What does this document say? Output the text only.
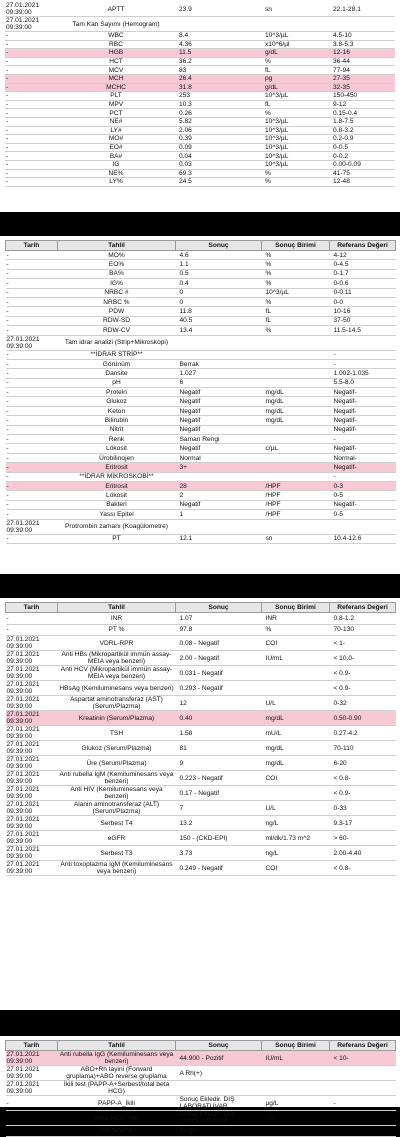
27.01.2021 09:39:00	APTT	23.9	sn	22.1-28.1
27.01.2021 09:39:00	Tam Kan Sayımı (Hemogram)			
-	WBC	8.4	10^3/µL	4.5-10
-	RBC	4.36	x10^6/µl	3.8-5.3
-	HGB	11.5	g/dL	12-16
-	HCT	36.2	%	36-44
-	MCV	83	fL	77-94
-	MCH	26.4	pg	27-35
-	MCHC	31.8	g/dL	32-35
-	PLT	253	10^3/µL	150-450
-	MPV	10.3	fL	9-12
-	PCT	0.26	%	0.15-0.4
-	NE#	5.82	10^3/µL	1.8-7.5
-	LY#	2.06	10^3/µL	0.8-3.2
-	MO#	0.39	10^3/µL	0.2-0.9
-	EO#	0.09	10^3/µL	0-0.5
-	BA#	0.04	10^3/µL	0-0.2
-	IG	0.03	10^3/µL	0.00-0.09
-	NE%	69.3	%	41-75
-	LY%	24.5	%	12-48
Tarih	Tahlil	Sonuç	Sonuç Birimi	Referans Değeri
-	MO%	4.6	%	4-12
-	EO%	1.1	%	0-4.5
-	BA%	0.5	%	0-1.7
-	IG%	0.4	%	0-0.6
-	NRBC #	0	10^3/µL	0-0.11
-	NRBC %	0	%	0-0
-	PDW	11.8	fL	10-16
-	RDW-SD	40.5	fL	37-50
-	RDW-CV	13.4	%	11.5-14.5
27.01.2021 09:39:00	Tam idrar analizi (Strip+Mikroskopi)			
-	**İDRAR STRİP**			-
-	Görünüm	Berrak		-
-	Dansite	1.027		1.002-1.035
-	pH	6		5.5-8.0
-	Protein	Negatif	mg/dL	Negatif-
-	Glukoz	Negatif	mg/dL	Negatif-
-	Keton	Negatif	mg/dL	Negatif-
-	Bilirubin	Negatif	mg/dL	Negatif-
-	Nitrit	Negatif		Negatif-
-	Renk	Saman Rengi		-
-	Lökosit	Negatif	c/µL	Negatif-
-	Ürobilinojen	Normal		Normal-
-	Eritrosit	3+		Negatif-
-	**İDRAR MİKROSKOBİ**			-
-	Eritrosit	28	/HPF	0-3
-	Lökosit	2	/HPF	0-5
-	Bakteri	Negatif	/HPF	Negatif-
-	Yassı Epitel	1	/HPF	0-5
27.01.2021 09:39:00	Protrombin zamanı (Koagülometre)			
-	PT	12.1	sn	10.4-12.6
Tarih	Tahlil	Sonuç	Sonuç Birimi	Referans Değeri
-	INR	1.07	INR	0.8-1.2
-	PT %	97.8	%	70-130
27.01.2021 09:39:00	VDRL-RPR	0.08 - Negatif	COI	< 1-
27.01.2021 09:39:00	Anti HBs (Mikropartikül immün assay-MEIA veya benzeri)	2.00 - Negatif	IU/mL	< 10.0-
27.01.2021 09:39:00	Anti HCV (Mikropartikül immün assay-MEIA veya benzeri)	0.031 - Negatif		< 0.9-
27.01.2021 09:39:00	HBsAg (Kemiluminesans veya benzeri)	0.293 - Negatif		< 0.9-
27.01.2021 09:39:00	Aspartat aminotransferaz (AST) (Serum/Plazma)	12	U/L	0-32
27.01.2021 09:39:00	Kreatinin (Serum/Plazma)	0.40	mg/dL	0.50-0.90
27.01.2021 09:39:00	TSH	1.58	mU/L	0.27-4.2
27.01.2021 09:39:00	Glukoz (Serum/Plazma)	81	mg/dL	70-110
27.01.2021 09:39:00	Üre (Serum/Plazma)	9	mg/dL	6-20
27.01.2021 09:39:00	Anti rubella IgM (Kemiluminesans veya benzeri)	0.223 - Negatif	COI	< 0.8-
27.01.2021 09:39:00	Anti HIV (Kemiluminesans veya benzeri)	0.17 - Negatif		< 0.9-
27.01.2021 09:39:00	Alanin aminotransferaz (ALT) (Serum/Plazma)	7	U/L	0-33
27.01.2021 09:39:00	Serbest T4	13.2	ng/L	9.3-17
27.01.2021 09:39:00	eGFR	150 - (CKD-EPI)	ml/dk/1.73 m^2	> 60-
27.01.2021 09:39:00	Serbest T3	3.73	ng/L	2.00-4.40
27.01.2021 09:39:00	Anti toxoplazma IgM (Kemiluminesans veya benzeri)	0.249 - Negatif	COI	< 0.8-
Tarih	Tahlil	Sonuç	Sonuç Birimi	Referans Değeri
27.01.2021 09:39:00	Anti rubella IgG (Kemiluminesans veya benzeri)	44.900 - Pozitif	IU/mL	< 10-
27.01.2021 09:39:00	ABO+Rh tayini (Forward gruplama)+ABO reverse gruplama	A Rh(+)		
27.01.2021 09:39:00	İkili test (PAPP-A+Serbest/total beta HCG)			
-	PAPP-A_İkili	Sonuç Ekledir. DIŞ LABORATUVAR	µg/L	-
-	Beta HCG_İkili	Sonuç Ekledir. DIŞ LABORATUVAR	U/L	-
-	İkili tarama	Belge		-
